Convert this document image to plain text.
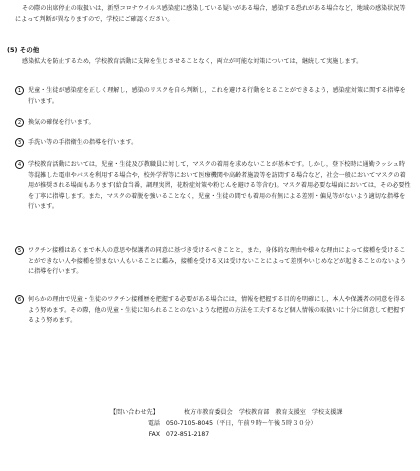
その際の出席停止の取扱いは，新型コロナウイルス感染症に感染している疑いがある場合，感染する恐れがある場合など，地域の感染状況等によって判断が異なりますので，学校にご確認ください。
(5) その他
感染拡大を防止するため，学校教育活動に支障を生じさせることなく，両立が可能な対策については，継続して実施します。
1	児童・生徒が感染症を正しく理解し，感染のリスクを自ら判断し，これを避ける行動をとることができるよう，感染症対策に関する指導を行います。
2	換気の確保を行います。
3	手洗い等の手指衛生の指導を行います。
4	学校教育活動においては，児童・生徒及び教職員に対して，マスクの着用を求めないことが基本です。しかし，登下校時に通勤ラッシュ時等混雑した電車やバスを利用する場合や，校外学習等において医療機関や高齢者施設等を訪問する場合など，社会一般においてマスクの着用が推奨される場面もあります(給食当番，調理実習，花粉症対策や粉じんを避ける等含む)。マスク着用必要な場面においては，その必要性を丁寧に指導します。また，マスクの着脱を強いることなく，児童・生徒の間でも着用の有無による差別・偏見等がないよう適切な指導を行います。
5	ワクチン接種はあくまで本人の意思や保護者の同意に基づき受けるべきことと，また，身体的な理由や様々な理由によって接種を受けることができない人や接種を望まない人もいることに鑑み，接種を受ける又は受けないことによって差別やいじめなどが起きることのないように指導を行います。
6	何らかの理由で児童・生徒のワクチン接種歴を把握する必要がある場合には，情報を把握する目的を明確にし，本人や保護者の同意を得るよう努めます。その際，他の児童・生徒に知られることのないような把握の方法を工夫するなど個人情報の取扱いに十分に留意して把握するよう努めます。
【問い合わせ先】	枚方市教育委員会　学校教育部　教育支援室　学校支援課
電話 050-7105-8045（平日，午前９時～午後５時３０分）
FAX 072-851-2187
